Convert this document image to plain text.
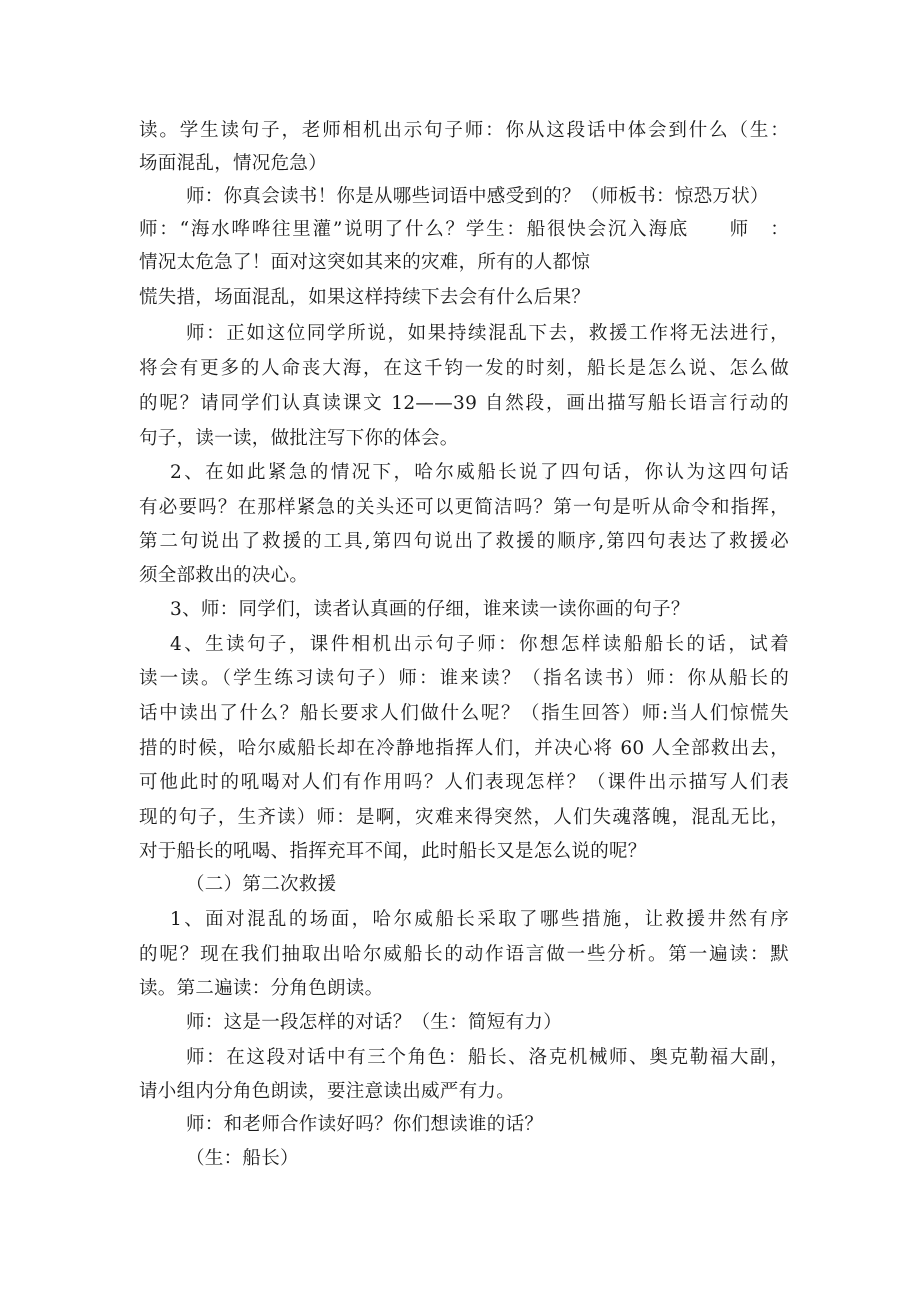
读。学生读句子，老师相机出示句子师：你从这段话中体会到什么（生：
场面混乱，情况危急）
师：你真会读书！你是从哪些词语中感受到的？（师板书：惊恐万状）
师：“海水哗哗往里灌”说明了什么？学生：船很快会沉入海底　　师　：
情况太危急了！面对这突如其来的灾难，所有的人都惊
慌失措，场面混乱，如果这样持续下去会有什么后果？
师：正如这位同学所说，如果持续混乱下去，救援工作将无法进行，
将会有更多的人命丧大海，在这千钧一发的时刻，船长是怎么说、怎么做
的呢？请同学们认真读课文 12——39 自然段，画出描写船长语言行动的
句子，读一读，做批注写下你的体会。
2、在如此紧急的情况下，哈尔威船长说了四句话，你认为这四句话
有必要吗？在那样紧急的关头还可以更简洁吗？第一句是听从命令和指挥，
第二句说出了救援的工具,第四句说出了救援的顺序,第四句表达了救援必
须全部救出的决心。
3、师：同学们，读者认真画的仔细，谁来读一读你画的句子？
4、生读句子，课件相机出示句子师：你想怎样读船船长的话，试着
读一读。（学生练习读句子）师：谁来读？（指名读书）师：你从船长的
话中读出了什么？船长要求人们做什么呢？（指生回答）师:当人们惊慌失
措的时候，哈尔威船长却在冷静地指挥人们，并决心将 60 人全部救出去，
可他此时的吼喝对人们有作用吗？人们表现怎样？（课件出示描写人们表
现的句子，生齐读）师：是啊，灾难来得突然，人们失魂落魄，混乱无比，
对于船长的吼喝、指挥充耳不闻，此时船长又是怎么说的呢？
（二）第二次救援
1、面对混乱的场面，哈尔威船长采取了哪些措施，让救援井然有序
的呢？现在我们抽取出哈尔威船长的动作语言做一些分析。第一遍读：默
读。第二遍读：分角色朗读。
师：这是一段怎样的对话？（生：简短有力）
师：在这段对话中有三个角色：船长、洛克机械师、奥克勒福大副，
请小组内分角色朗读，要注意读出威严有力。
师：和老师合作读好吗？你们想读谁的话？
（生：船长）
